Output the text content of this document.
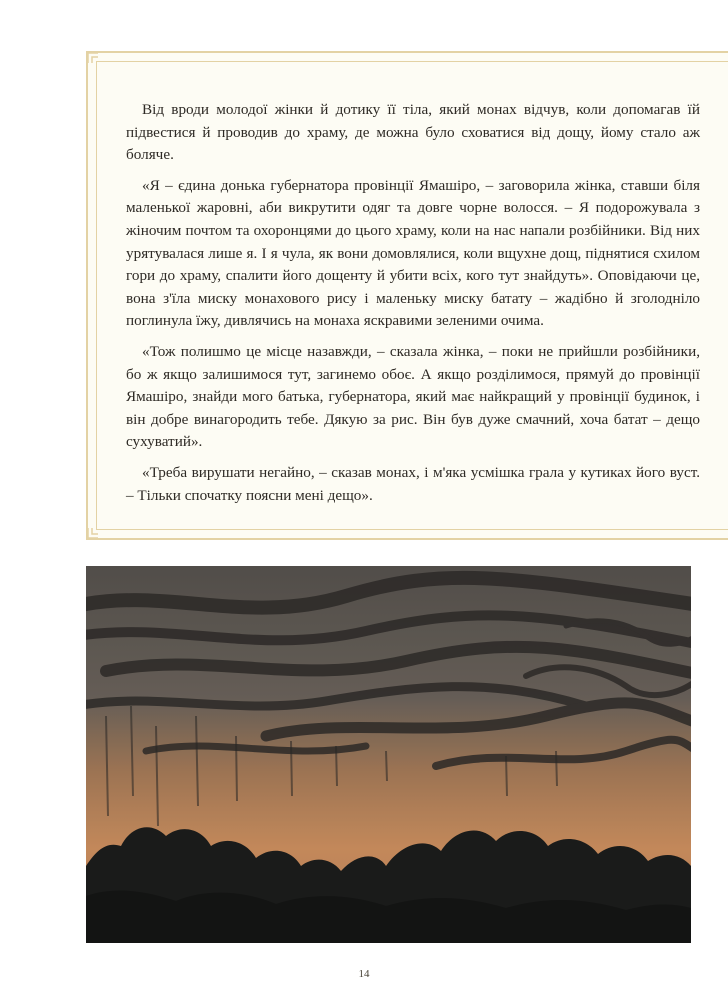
Від вроди молодої жінки й дотику її тіла, який монах відчув, коли допомагав їй підвестися й проводив до храму, де можна було сховатися від дощу, йому стало аж боляче.

«Я – єдина донька губернатора провінції Ямашіро, – заговорила жінка, ставши біля маленької жаровні, аби викрутити одяг та довге чорне волосся. – Я подорожувала з жіночим почтом та охоронцями до цього храму, коли на нас напали розбійники. Від них урятувалася лише я. І я чула, як вони домовлялися, коли вщухне дощ, піднятися схилом гори до храму, спалити його дощенту й убити всіх, кого тут знайдуть». Оповідаючи це, вона з'їла миску монахового рису і маленьку миску батату – жадібно й зголодніло поглинула їжу, дивлячись на монаха яскравими зеленими очима.

«Тож полишмо це місце назавжди, – сказала жінка, – поки не прийшли розбійники, бо ж якщо залишимося тут, загинемо обоє. А якщо розділимося, прямуй до провінції Ямашіро, знайди мого батька, губернатора, який має найкращий у провінції будинок, і він добре винагородить тебе. Дякую за рис. Він був дуже смачний, хоча батат – дещо сухуватий».

«Треба вирушати негайно, – сказав монах, і м'яка усмішка грала у кутиках його вуст. – Тільки спочатку поясни мені дещо».

14
